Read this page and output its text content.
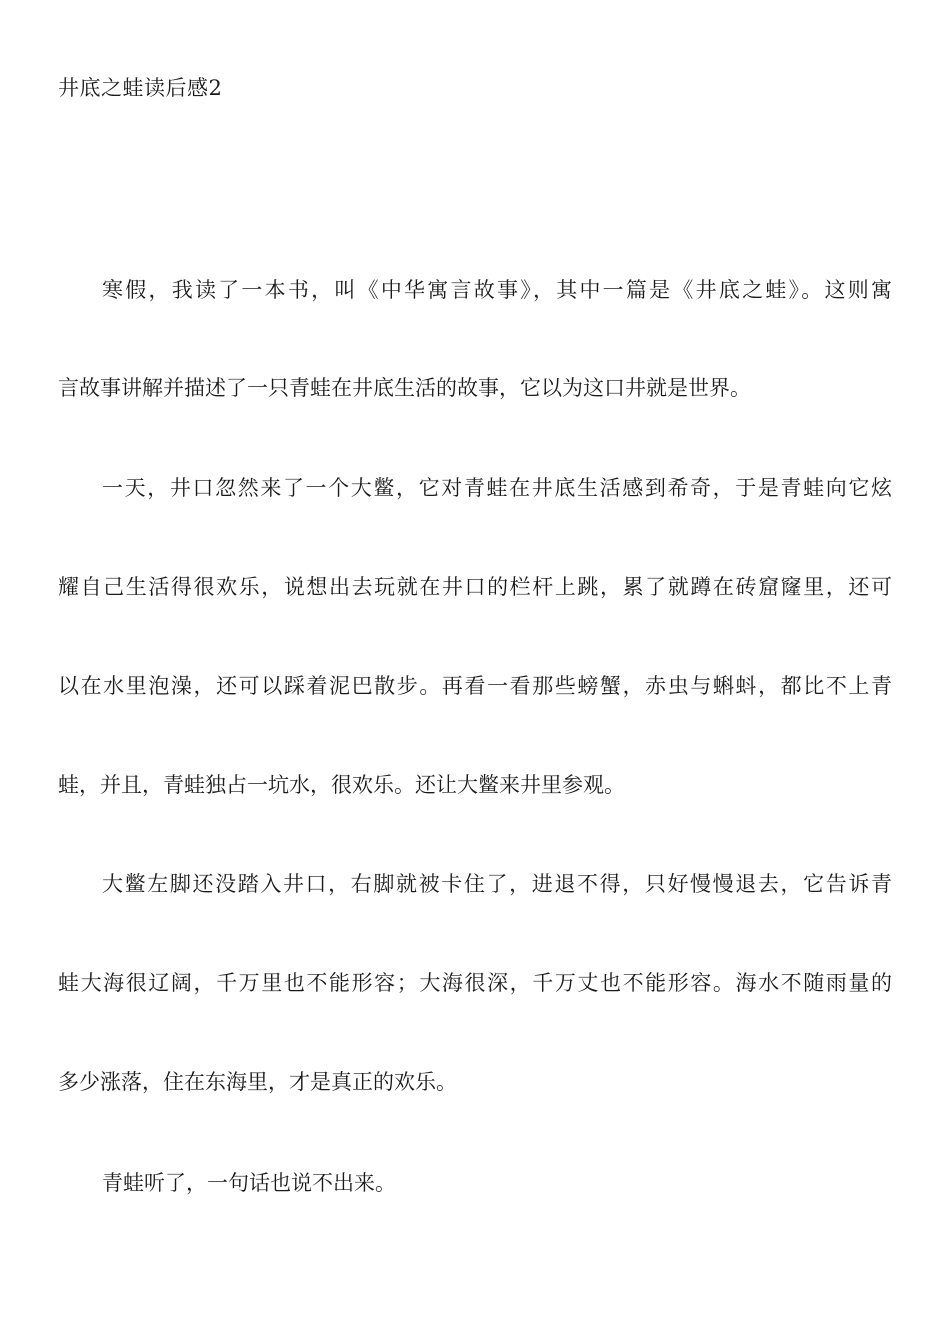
井底之蛙读后感2
寒假，我读了一本书，叫《中华寓言故事》，其中一篇是《井底之蛙》。这则寓
言故事讲解并描述了一只青蛙在井底生活的故事，它以为这口井就是世界。
一天，井口忽然来了一个大鳖，它对青蛙在井底生活感到希奇，于是青蛙向它炫
耀自己生活得很欢乐，说想出去玩就在井口的栏杆上跳，累了就蹲在砖窟窿里，还可
以在水里泡澡，还可以踩着泥巴散步。再看一看那些螃蟹，赤虫与蝌蚪，都比不上青
蛙，并且，青蛙独占一坑水，很欢乐。还让大鳖来井里参观。
大鳖左脚还没踏入井口，右脚就被卡住了，进退不得，只好慢慢退去，它告诉青
蛙大海很辽阔，千万里也不能形容；大海很深，千万丈也不能形容。海水不随雨量的
多少涨落，住在东海里，才是真正的欢乐。
青蛙听了，一句话也说不出来。
